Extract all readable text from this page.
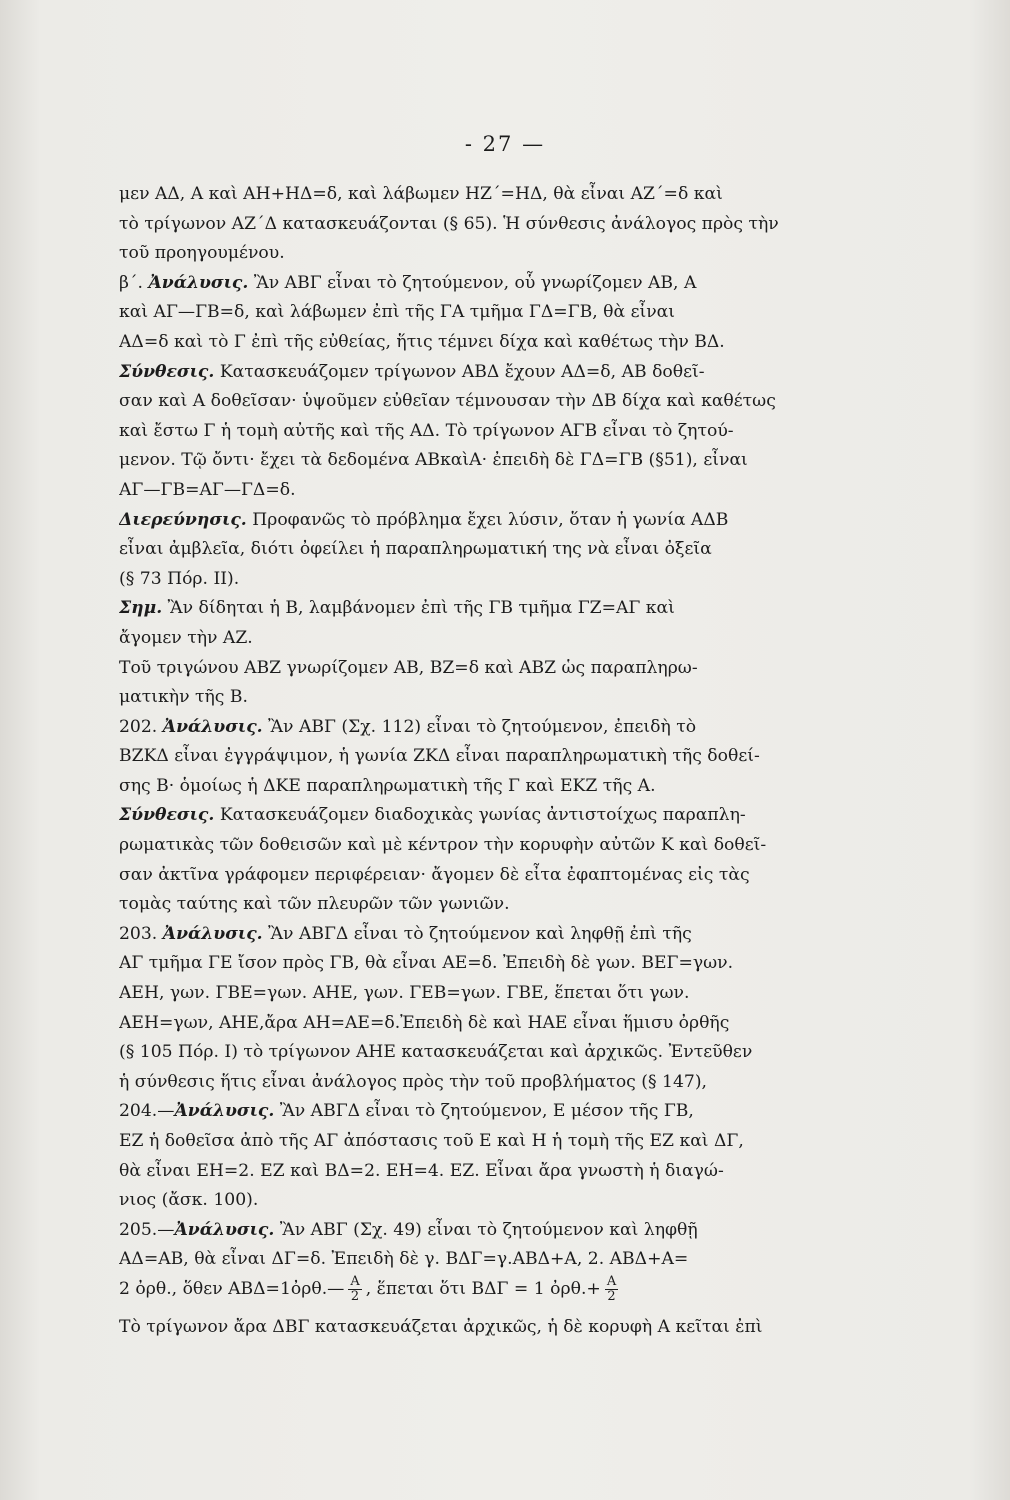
- 27 —
μεν ΑΔ, Α καὶ ΑΗ+ΗΔ=δ, καὶ λάβωμεν ΗΖ΄=ΗΔ, θὰ εἶναι ΑΖ΄=δ καὶ
τὸ τρίγωνον ΑΖ΄Δ κατασκευάζονται (§ 65). Ἡ σύνθεσις ἀνάλογος πρὸς τὴν
τοῦ προηγουμένου.
β΄. Ἀνάλυσις. Ἂν ΑΒΓ εἶναι τὸ ζητούμενον, οὗ γνωρίζομεν ΑΒ, Α
καὶ ΑΓ—ΓΒ=δ, καὶ λάβωμεν ἐπὶ τῆς ΓΑ τμῆμα ΓΔ=ΓΒ, θὰ εἶναι
ΑΔ=δ καὶ τὸ Γ ἐπὶ τῆς εὐθείας, ἥτις τέμνει δίχα καὶ καθέτως τὴν ΒΔ.
Σύνθεσις. Κατασκευάζομεν τρίγωνον ΑΒΔ ἔχουν ΑΔ=δ, ΑΒ δοθεῖ-
σαν καὶ Α δοθεῖσαν· ὑψοῦμεν εὐθεῖαν τέμνουσαν τὴν ΔΒ δίχα καὶ καθέτως
καὶ ἔστω Γ ἡ τομὴ αὐτῆς καὶ τῆς ΑΔ. Τὸ τρίγωνον ΑΓΒ εἶναι τὸ ζητού-
μενον. Τῷ ὄντι· ἔχει τὰ δεδομένα ΑΒκαὶΑ· ἐπειδὴ δὲ ΓΔ=ΓΒ (§51), εἶναι
ΑΓ—ΓΒ=ΑΓ—ΓΔ=δ.
Διερεύνησις. Προφανῶς τὸ πρόβλημα ἔχει λύσιν, ὅταν ἡ γωνία ΑΔΒ
εἶναι ἀμβλεῖα, διότι ὀφείλει ἡ παραπληρωματική της νὰ εἶναι ὀξεῖα
(§ 73 Πόρ. ΙΙ).
Σημ. Ἂν δίδηται ἡ Β, λαμβάνομεν ἐπὶ τῆς ΓΒ τμῆμα ΓΖ=ΑΓ καὶ
ἄγομεν τὴν ΑΖ.
Τοῦ τριγώνου ΑΒΖ γνωρίζομεν ΑΒ, ΒΖ=δ καὶ ΑΒΖ ὡς παραπληρω-
ματικὴν τῆς Β.
202. Ἀνάλυσις. Ἂν ΑΒΓ (Σχ. 112) εἶναι τὸ ζητούμενον, ἐπειδὴ τὸ
ΒΖΚΔ εἶναι ἐγγράψιμον, ἡ γωνία ΖΚΔ εἶναι παραπληρωματικὴ τῆς δοθεί-
σης Β· ὁμοίως ἡ ΔΚΕ παραπληρωματικὴ τῆς Γ καὶ ΕΚΖ τῆς Α.
Σύνθεσις. Κατασκευάζομεν διαδοχικὰς γωνίας ἀντιστοίχως παραπλη-
ρωματικὰς τῶν δοθεισῶν καὶ μὲ κέντρον τὴν κορυφὴν αὐτῶν Κ καὶ δοθεῖ-
σαν ἀκτῖνα γράφομεν περιφέρειαν· ἄγομεν δὲ εἶτα ἐφαπτομένας εἰς τὰς
τομὰς ταύτης καὶ τῶν πλευρῶν τῶν γωνιῶν.
203. Ἀνάλυσις. Ἂν ΑΒΓΔ εἶναι τὸ ζητούμενον καὶ ληφθῇ ἐπὶ τῆς
ΑΓ τμῆμα ΓΕ ἴσον πρὸς ΓΒ, θὰ εἶναι ΑΕ=δ. Ἐπειδὴ δὲ γων. ΒΕΓ=γων.
ΑΕΗ, γων. ΓΒΕ=γων. ΑΗΕ, γων. ΓΕΒ=γων. ΓΒΕ, ἕπεται ὅτι γων.
ΑΕΗ=γων, ΑΗΕ,ἄρα ΑΗ=ΑΕ=δ.Ἐπειδὴ δὲ καὶ ΗΑΕ εἶναι ἥμισυ ὀρθῆς
(§ 105 Πόρ. Ι) τὸ τρίγωνον ΑΗΕ κατασκευάζεται καὶ ἀρχικῶς. Ἐντεῦθεν
ἡ σύνθεσις ἥτις εἶναι ἀνάλογος πρὸς τὴν τοῦ προβλήματος (§ 147),
204.—Ἀνάλυσις. Ἂν ΑΒΓΔ εἶναι τὸ ζητούμενον, Ε μέσον τῆς ΓΒ,
ΕΖ ἡ δοθεῖσα ἀπὸ τῆς ΑΓ ἀπόστασις τοῦ Ε καὶ Η ἡ τομὴ τῆς ΕΖ καὶ ΔΓ,
θὰ εἶναι ΕΗ=2. ΕΖ καὶ ΒΔ=2. ΕΗ=4. ΕΖ. Εἶναι ἄρα γνωστὴ ἡ διαγώ-
νιος (ἄσκ. 100).
205.—Ἀνάλυσις. Ἂν ΑΒΓ (Σχ. 49) εἶναι τὸ ζητούμενον καὶ ληφθῇ
ΑΔ=ΑΒ, θὰ εἶναι ΔΓ=δ. Ἐπειδὴ δὲ γ. ΒΔΓ=γ.ΑΒΔ+Α, 2. ΑΒΔ+Α=
2 ὀρθ., ὅθεν ΑΒΔ=1ὀρθ.— $\frac{A}{2}$ , ἕπεται ὅτι ΒΔΓ = 1 ὀρθ.+ $\frac{A}{2}$
Τὸ τρίγωνον ἄρα ΔΒΓ κατασκευάζεται ἀρχικῶς, ἡ δὲ κορυφὴ Α κεῖται ἐπὶ
